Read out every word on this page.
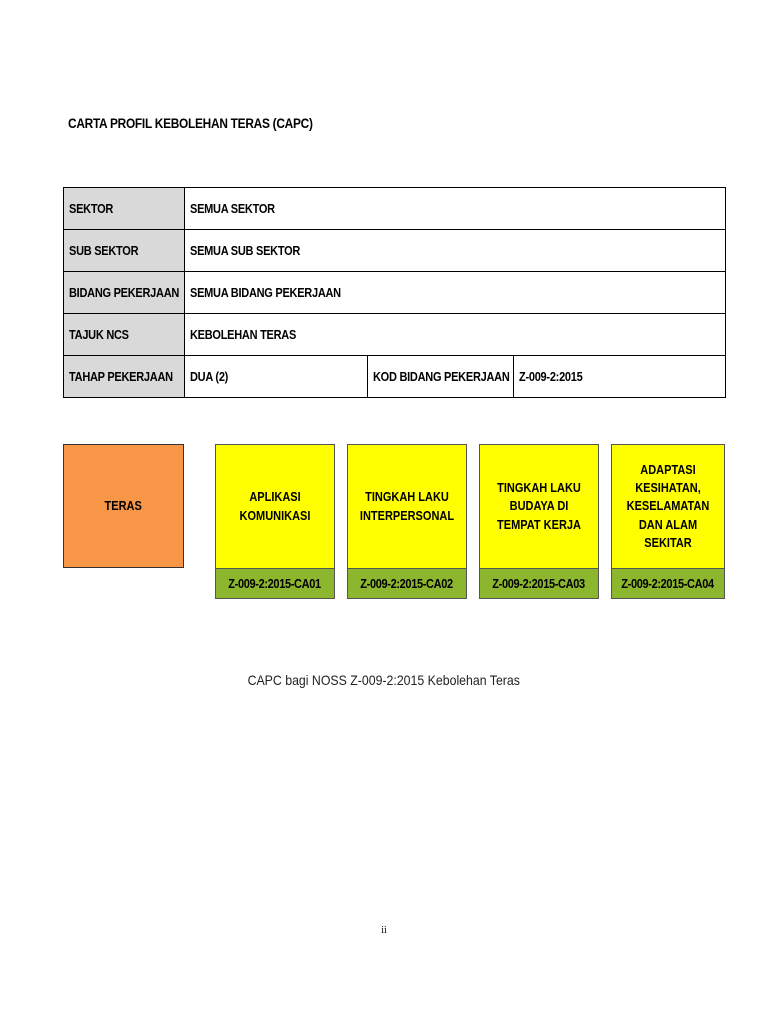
CARTA PROFIL KEBOLEHAN TERAS (CAPC)
SEKTOR	SEMUA SEKTOR		
SUB SEKTOR	SEMUA SUB SEKTOR		
BIDANG PEKERJAAN	SEMUA BIDANG PEKERJAAN		
TAJUK NCS	KEBOLEHAN TERAS		
TAHAP PEKERJAAN	DUA (2)	KOD BIDANG PEKERJAAN	Z-009-2:2015
TERAS
APLIKASI KOMUNIKASI
Z-009-2:2015-CA01
TINGKAH LAKU INTERPERSONAL
Z-009-2:2015-CA02
TINGKAH LAKU BUDAYA DI TEMPAT KERJA
Z-009-2:2015-CA03
ADAPTASI KESIHATAN, KESELAMATAN DAN ALAM SEKITAR
Z-009-2:2015-CA04
CAPC bagi NOSS Z-009-2:2015 Kebolehan Teras
ii
